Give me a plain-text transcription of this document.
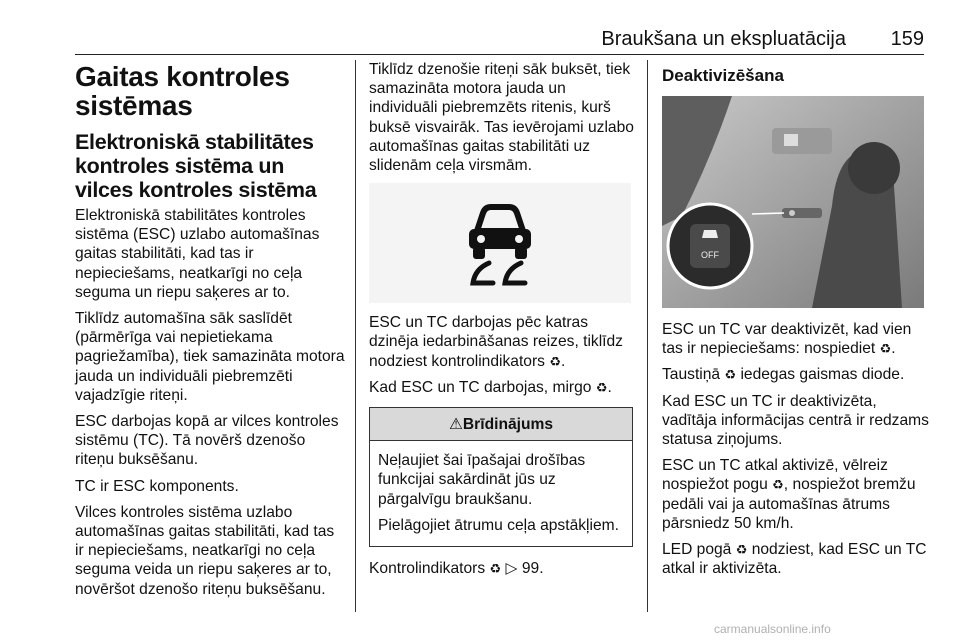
Braukšana un ekspluatācija 159
Gaitas kontroles sistēmas
Elektroniskā stabilitātes kontroles sistēma un vilces kontroles sistēma

Elektroniskā stabilitātes kontroles sistēma (ESC) uzlabo automašīnas gaitas stabilitāti, kad tas ir nepieciešams, neatkarīgi no ceļa seguma un riepu saķeres ar to.

Tiklīdz automašīna sāk saslīdēt (pārmērīga vai nepietiekama pagriežamība), tiek samazināta motora jauda un individuāli piebremzēti vajadzīgie riteņi.

ESC darbojas kopā ar vilces kontroles sistēmu (TC). Tā novērš dzenošo riteņu buksēšanu.

TC ir ESC komponents.

Vilces kontroles sistēma uzlabo automašīnas gaitas stabilitāti, kad tas ir nepieciešams, neatkarīgi no ceļa seguma veida un riepu saķeres ar to, novēršot dzenošo riteņu buksēšanu.

Tiklīdz dzenošie riteņi sāk buksēt, tiek samazināta motora jauda un individuāli piebremzēts ritenis, kurš buksē visvairāk. Tas ievērojami uzlabo automašīnas gaitas stabilitāti uz slidenām ceļa virsmām.

ESC un TC darbojas pēc katras dzinēja iedarbināšanas reizes, tiklīdz nodziest kontrolindikators ♻.

Kad ESC un TC darbojas, mirgo ♻.

⚠Brīdinājums

Neļaujiet šai īpašajai drošības funkcijai sakārdināt jūs uz pārgalvīgu braukšanu.

Pielāgojiet ātrumu ceļa apstākļiem.

Kontrolindikators ♻ ▷ 99.

Deaktivizēšana
OFF

ESC un TC var deaktivizēt, kad vien tas ir nepieciešams: nospiediet ♻.

Taustiņā ♻ iedegas gaismas diode.

Kad ESC un TC ir deaktivizēta, vadītāja informācijas centrā ir redzams statusa ziņojums.

ESC un TC atkal aktivizē, vēlreiz nospiežot pogu ♻, nospiežot bremžu pedāli vai ja automašīnas ātrums pārsniedz 50 km/h.

LED pogā ♻ nodziest, kad ESC un TC atkal ir aktivizēta.

carmanualsonline.info
